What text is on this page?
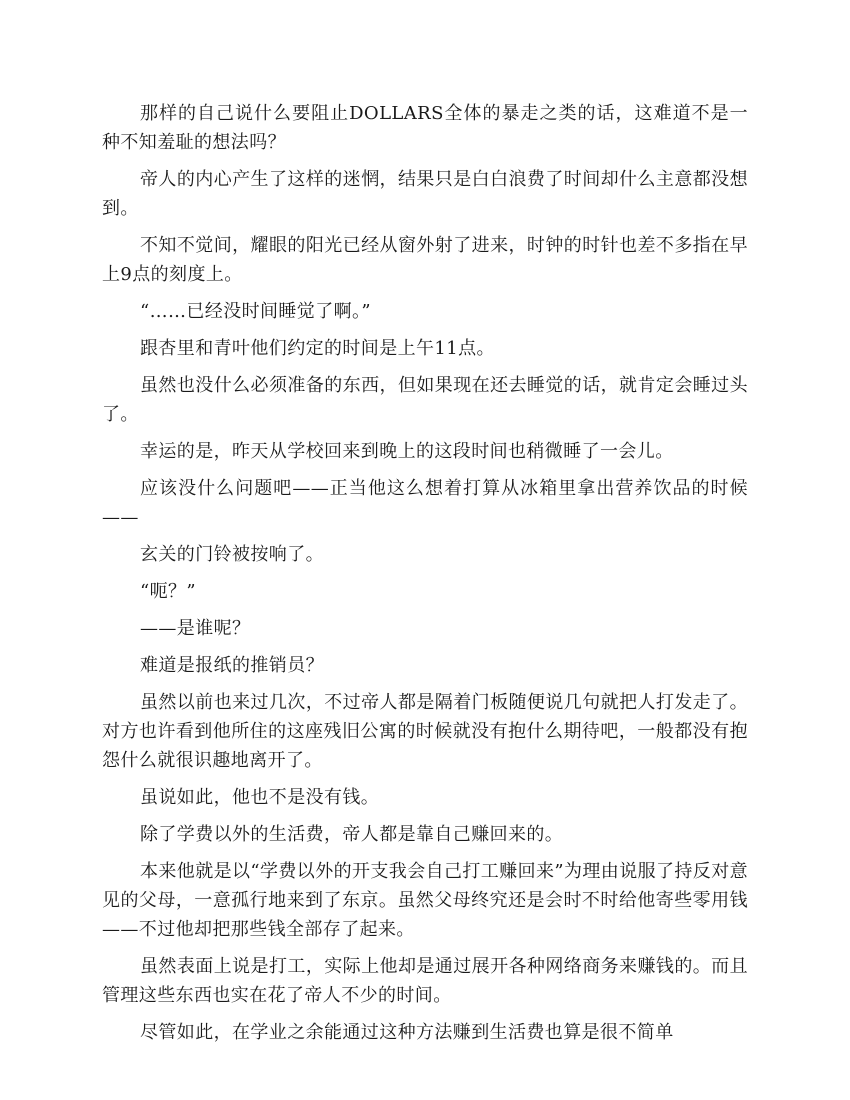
那样的自己说什么要阻止DOLLARS全体的暴走之类的话，这难道不是一种不知羞耻的想法吗？

帝人的内心产生了这样的迷惘，结果只是白白浪费了时间却什么主意都没想到。

不知不觉间，耀眼的阳光已经从窗外射了进来，时钟的时针也差不多指在早上9点的刻度上。

“……已经没时间睡觉了啊。”

跟杏里和青叶他们约定的时间是上午11点。

虽然也没什么必须准备的东西，但如果现在还去睡觉的话，就肯定会睡过头了。

幸运的是，昨天从学校回来到晚上的这段时间也稍微睡了一会儿。

应该没什么问题吧——正当他这么想着打算从冰箱里拿出营养饮品的时候——

玄关的门铃被按响了。

“呃？”

——是谁呢？

难道是报纸的推销员？

虽然以前也来过几次，不过帝人都是隔着门板随便说几句就把人打发走了。对方也许看到他所住的这座残旧公寓的时候就没有抱什么期待吧，一般都没有抱怨什么就很识趣地离开了。

虽说如此，他也不是没有钱。

除了学费以外的生活费，帝人都是靠自己赚回来的。

本来他就是以“学费以外的开支我会自己打工赚回来”为理由说服了持反对意见的父母，一意孤行地来到了东京。虽然父母终究还是会时不时给他寄些零用钱——不过他却把那些钱全部存了起来。

虽然表面上说是打工，实际上他却是通过展开各种网络商务来赚钱的。而且管理这些东西也实在花了帝人不少的时间。

尽管如此，在学业之余能通过这种方法赚到生活费也算是很不简单
